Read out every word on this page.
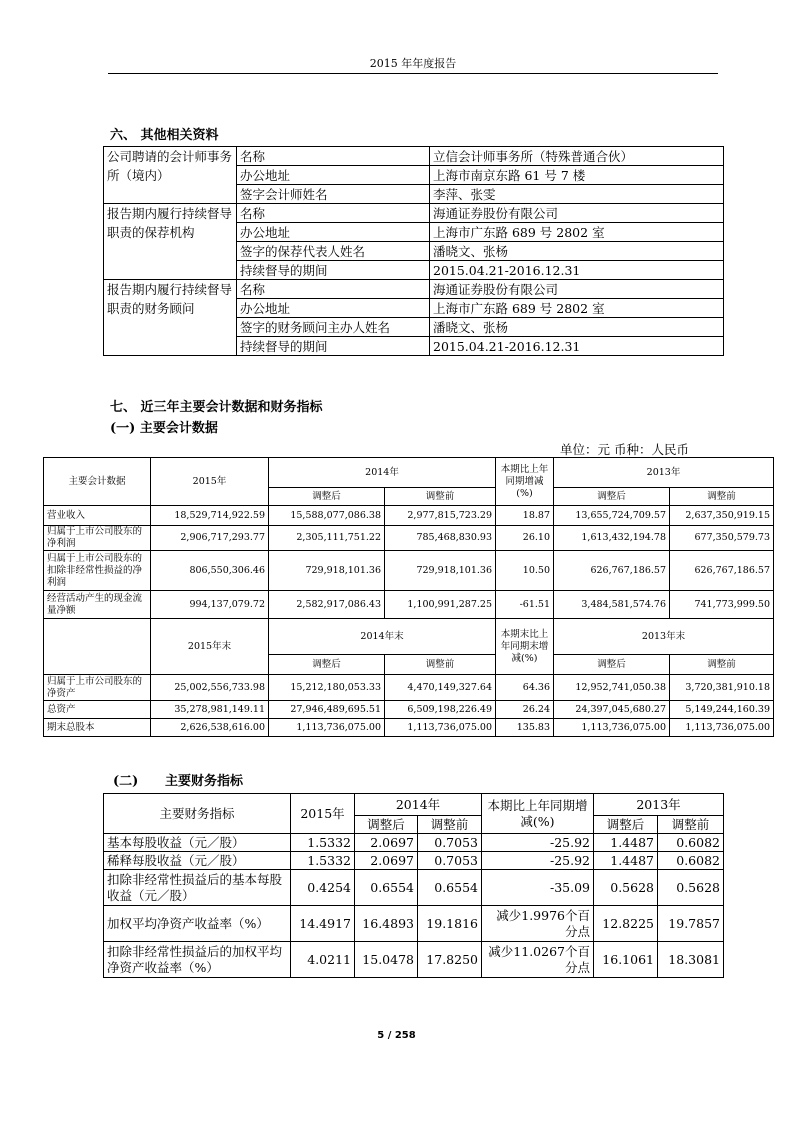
2015 年年度报告
六、 其他相关资料
公司聘请的会计师事务所（境内）	名称	立信会计师事务所（特殊普通合伙）
	办公地址	上海市南京东路 61 号 7 楼
	签字会计师姓名	李萍、张雯
报告期内履行持续督导职责的保荐机构	名称	海通证券股份有限公司
	办公地址	上海市广东路 689 号 2802 室
	签字的保荐代表人姓名	潘晓文、张杨
	持续督导的期间	2015.04.21-2016.12.31
报告期内履行持续督导职责的财务顾问	名称	海通证券股份有限公司
	办公地址	上海市广东路 689 号 2802 室
	签字的财务顾问主办人姓名	潘晓文、张杨
	持续督导的期间	2015.04.21-2016.12.31
七、 近三年主要会计数据和财务指标
(一) 主要会计数据
单位：元 币种：人民币
主要会计数据	2015年	2014年		本期比上年同期增减(%)	2013年	
		调整后	调整前		调整后	调整前
营业收入	18,529,714,922.59	15,588,077,086.38	2,977,815,723.29	18.87	13,655,724,709.57	2,637,350,919.15
归属于上市公司股东的净利润	2,906,717,293.77	2,305,111,751.22	785,468,830.93	26.10	1,613,432,194.78	677,350,579.73
归属于上市公司股东的扣除非经常性损益的净利润	806,550,306.46	729,918,101.36	729,918,101.36	10.50	626,767,186.57	626,767,186.57
经营活动产生的现金流量净额	994,137,079.72	2,582,917,086.43	1,100,991,287.25	-61.51	3,484,581,574.76	741,773,999.50
	2015年末	2014年末		本期末比上年同期末增减(%)	2013年末	
		调整后	调整前		调整后	调整前
归属于上市公司股东的净资产	25,002,556,733.98	15,212,180,053.33	4,470,149,327.64	64.36	12,952,741,050.38	3,720,381,910.18
总资产	35,278,981,149.11	27,946,489,695.51	6,509,198,226.49	26.24	24,397,045,680.27	5,149,244,160.39
期末总股本	2,626,538,616.00	1,113,736,075.00	1,113,736,075.00	135.83	1,113,736,075.00	1,113,736,075.00
(二) 主要财务指标
主要财务指标	2015年	2014年		本期比上年同期增减(%)	2013年	
		调整后	调整前		调整后	调整前
基本每股收益（元／股）	1.5332	2.0697	0.7053	-25.92	1.4487	0.6082
稀释每股收益（元／股）	1.5332	2.0697	0.7053	-25.92	1.4487	0.6082
扣除非经常性损益后的基本每股收益（元／股）	0.4254	0.6554	0.6554	-35.09	0.5628	0.5628
加权平均净资产收益率（%）	14.4917	16.4893	19.1816	减少1.9976个百分点	12.8225	19.7857
扣除非经常性损益后的加权平均净资产收益率（%）	4.0211	15.0478	17.8250	减少11.0267个百分点	16.1061	18.3081
5 / 258
